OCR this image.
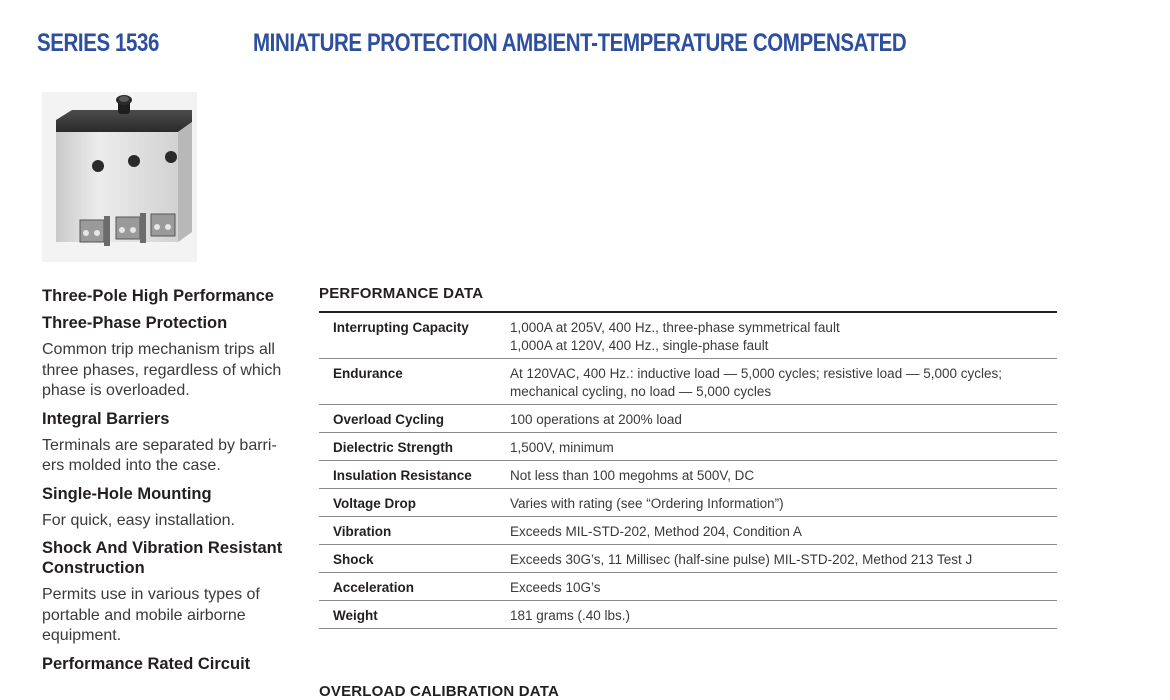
SERIES 1536	MINIATURE PROTECTION AMBIENT-TEMPERATURE COMPENSATED
Three-Pole High Performance
Three-Phase Protection
Common trip mechanism trips all three phases, regardless of which phase is overloaded.
Integral Barriers
Terminals are separated by barri-ers molded into the case.
Single-Hole Mounting
For quick, easy installation.
Shock And Vibration Resistant Construction
Permits use in various types of portable and mobile airborne equipment.
Performance Rated Circuit
PERFORMANCE DATA
Interrupting Capacity	1,000A at 205V, 400 Hz., three-phase symmetrical fault
1,000A at 120V, 400 Hz., single-phase fault

Endurance	At 120VAC, 400 Hz.: inductive load — 5,000 cycles; resistive load — 5,000 cycles;
mechanical cycling, no load — 5,000 cycles

Overload Cycling	100 operations at 200% load
Dielectric Strength	1,500V, minimum
Insulation Resistance	Not less than 100 megohms at 500V, DC
Voltage Drop	Varies with rating (see “Ordering Information”)
Vibration	Exceeds MIL-STD-202, Method 204, Condition A
Shock	Exceeds 30G’s, 11 Millisec (half-sine pulse) MIL-STD-202, Method 213 Test J
Acceleration	Exceeds 10G’s
Weight	181 grams (.40 lbs.)
OVERLOAD CALIBRATION DATA
